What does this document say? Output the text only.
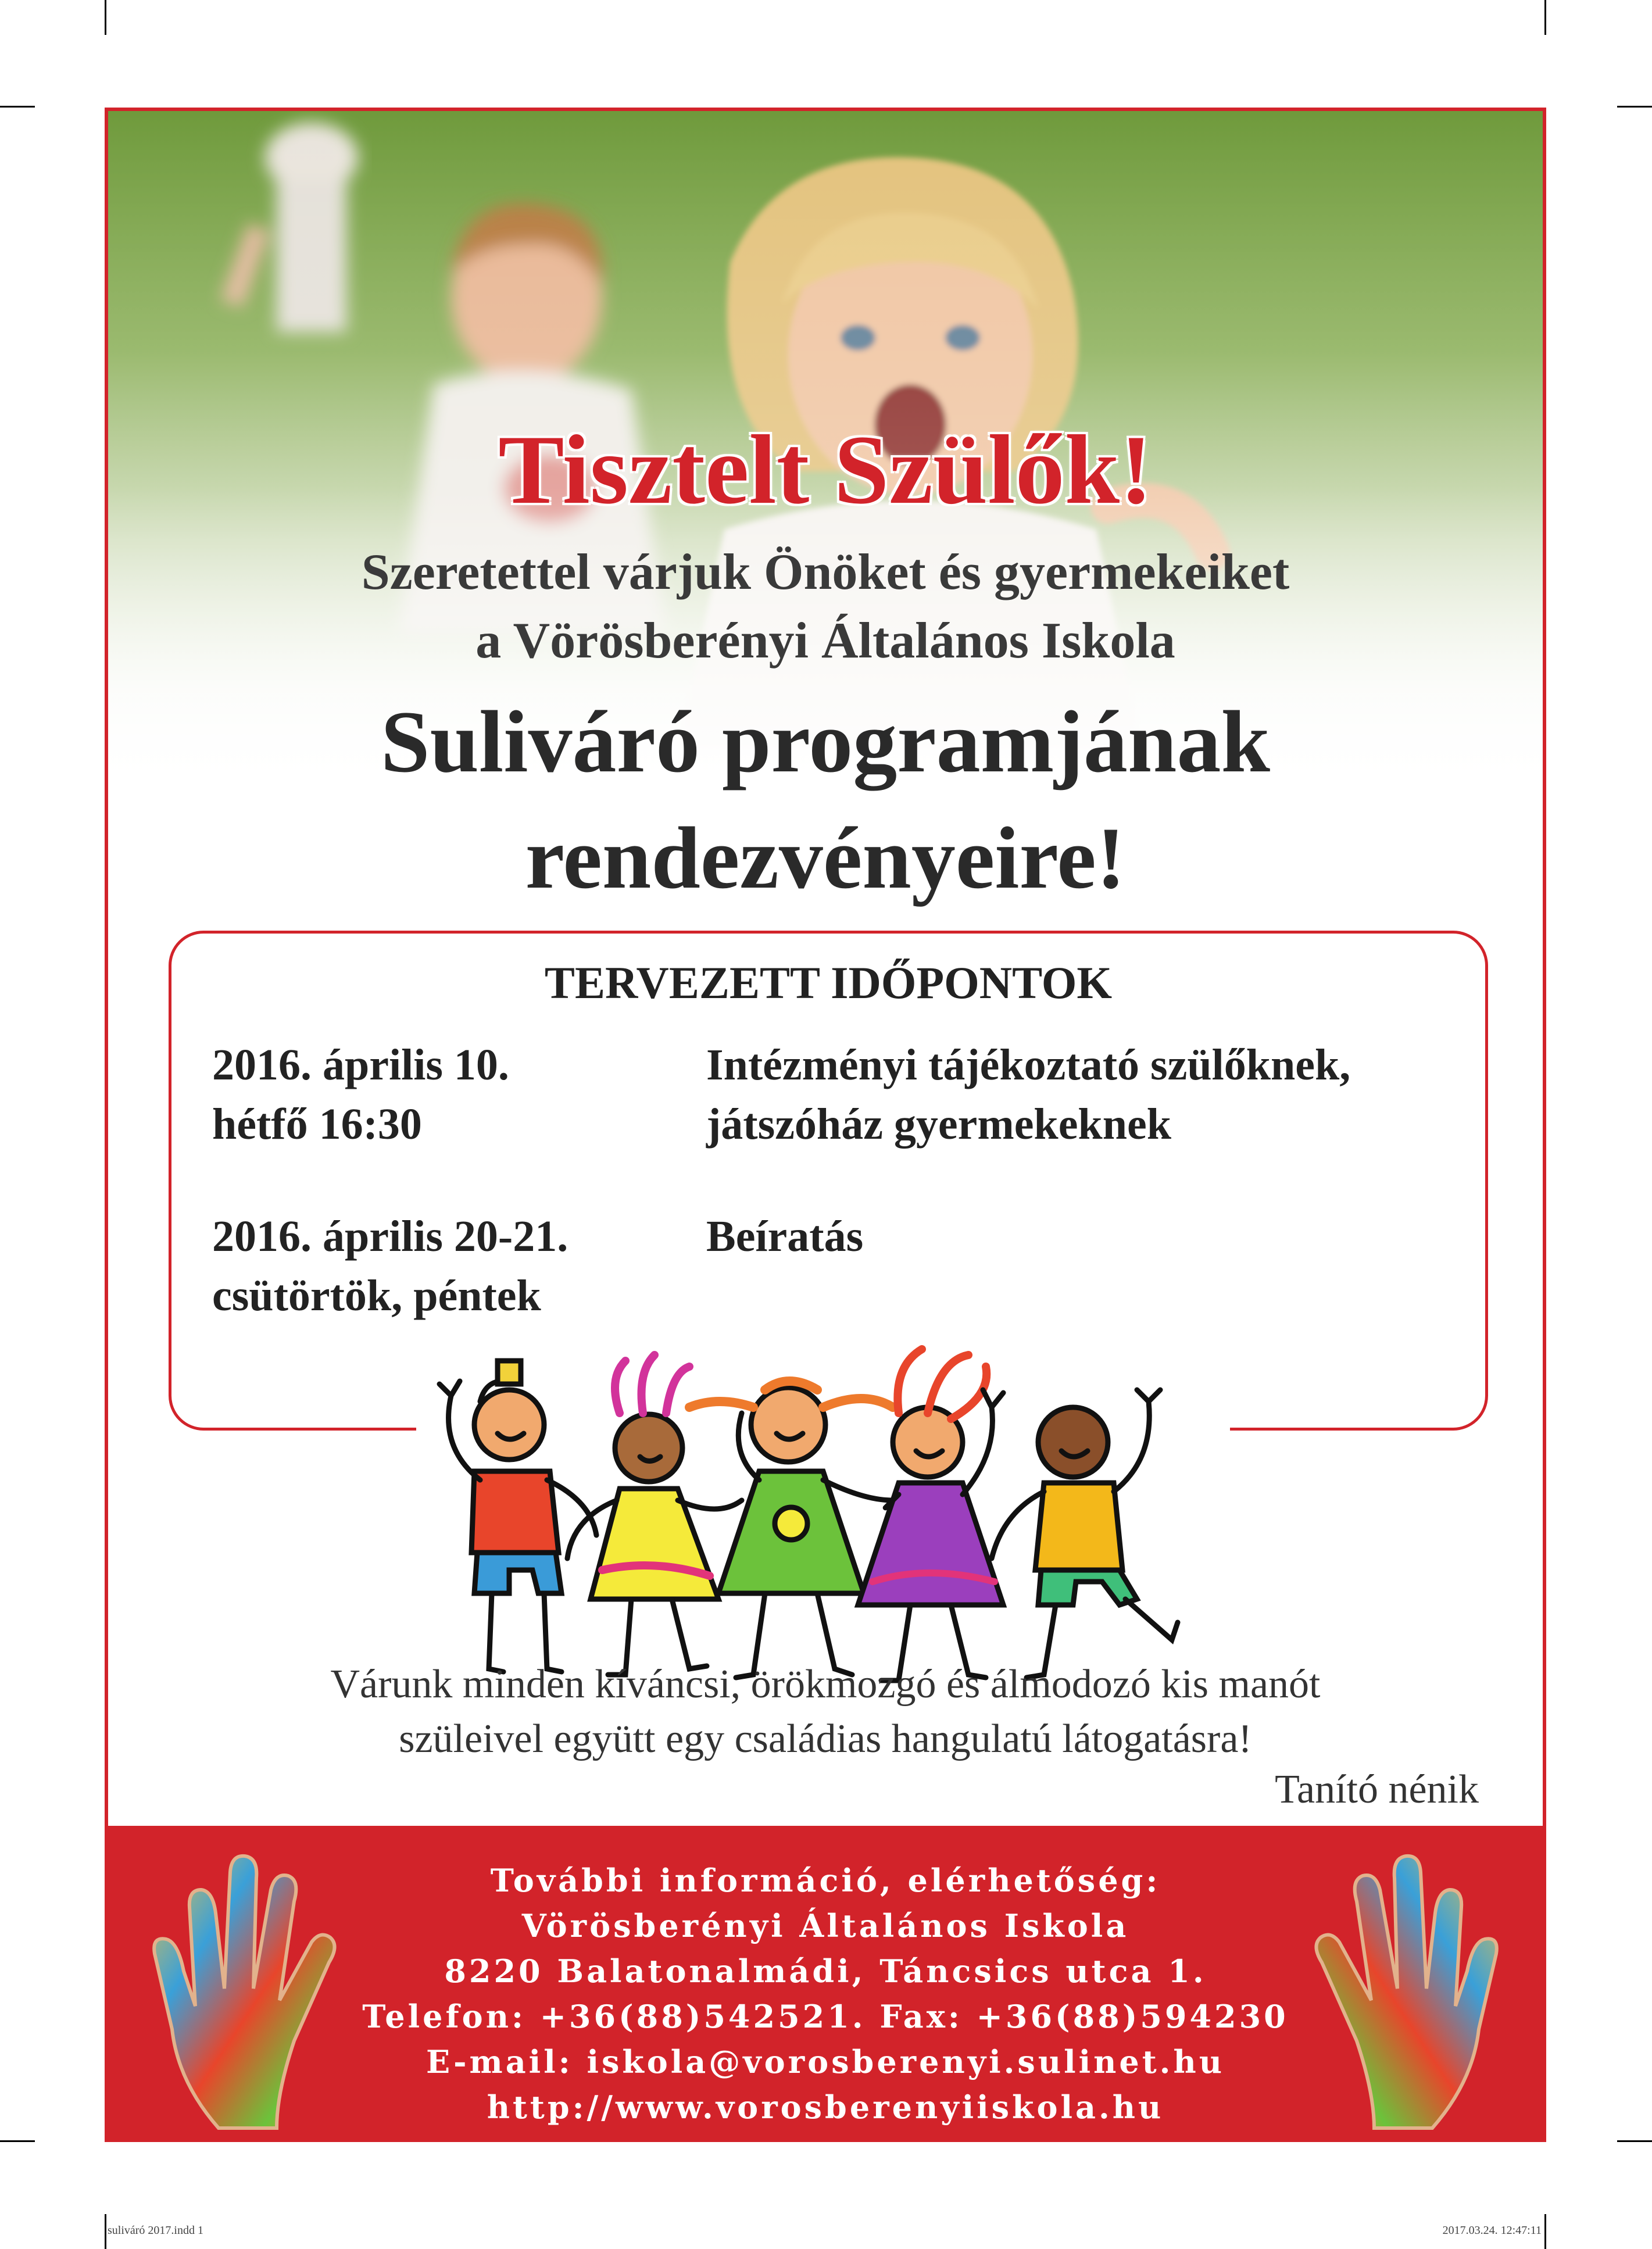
Tisztelt Szülők!
Szeretettel várjuk Önöket és gyermekeiket
a Vörösberényi Általános Iskola
Suliváró programjának
rendezvényeire!
TERVEZETT IDŐPONTOK
2016. április 10.
hétfő 16:30
Intézményi tájékoztató szülőknek,
játszóház gyermekeknek
2016. április 20-21.
csütörtök, péntek
Beíratás
Várunk minden kíváncsi, örökmozgó és álmodozó kis manót
szüleivel együtt egy családias hangulatú látogatásra!
Tanító nénik
További információ, elérhetőség:
Vörösberényi Általános Iskola
8220 Balatonalmádi, Táncsics utca 1.
Telefon: +36(88)542521. Fax: +36(88)594230
E-mail: iskola@vorosberenyi.sulinet.hu
http://www.vorosberenyiiskola.hu
suliváró 2017.indd 1	2017.03.24. 12:47:11
